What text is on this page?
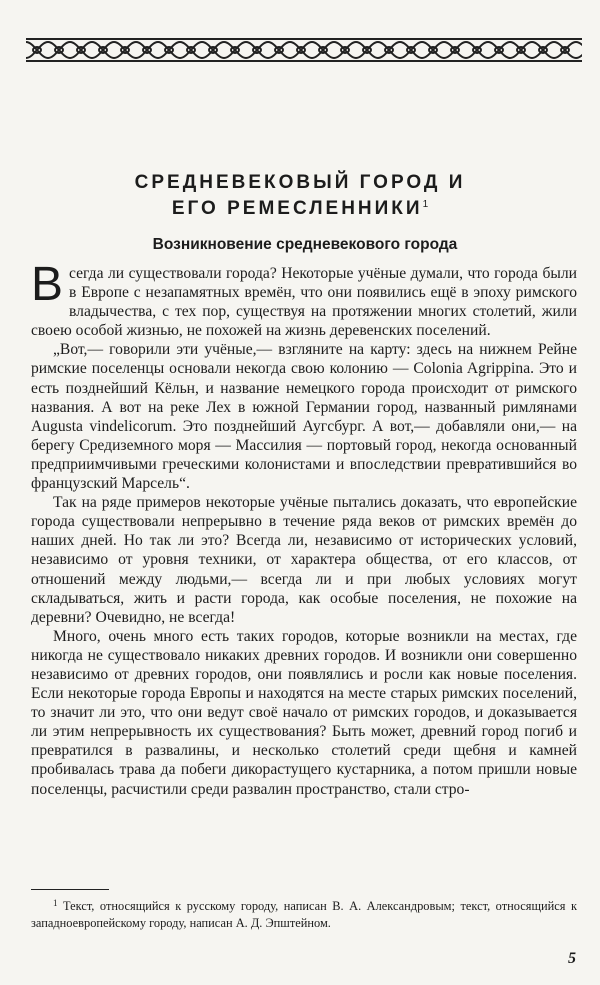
СРЕДНЕВЕКОВЫЙ ГОРОД И
ЕГО РЕМЕСЛЕННИКИ$^1$
Возникновение средневекового города

Всегда ли существовали города? Некоторые учёные думали, что города были в Европе с незапамятных времён, что они появились ещё в эпоху римского владычества, с тех пор, существуя на протяжении многих столетий, жили своею особой жизнью, не похожей на жизнь деревенских поселений.

„Вот,— говорили эти учёные,— взгляните на карту: здесь на нижнем Рейне римские поселенцы основали некогда свою колонию — Colonia Agrippina. Это и есть позднейший Кёльн, и название немецкого города происходит от римского названия. А вот на реке Лех в южной Германии город, названный римлянами Augusta vindelicorum. Это позднейший Аугсбург. А вот,— добавляли они,— на берегу Средиземного моря — Массилия — портовый город, некогда основанный предприимчивыми греческими колонистами и впоследствии превратившийся во французский Марсель“.

Так на ряде примеров некоторые учёные пытались доказать, что европейские города существовали непрерывно в течение ряда веков от римских времён до наших дней. Но так ли это? Всегда ли, независимо от исторических условий, независимо от уровня техники, от характера общества, от его классов, от отношений между людьми,— всегда ли и при любых условиях могут складываться, жить и расти города, как особые поселения, не похожие на деревни? Очевидно, не всегда!

Много, очень много есть таких городов, которые возникли на местах, где никогда не существовало никаких древних городов. И возникли они совершенно независимо от древних городов, они появлялись и росли как новые поселения. Если некоторые города Европы и находятся на месте старых римских поселений, то значит ли это, что они ведут своё начало от римских городов, и доказывается ли этим непрерывность их существования? Быть может, древний город погиб и превратился в развалины, и несколько столетий среди щебня и камней пробивалась трава да побеги дикорастущего кустарника, а потом пришли новые поселенцы, расчистили среди развалин пространство, стали стро-

$^1$ Текст, относящийся к русскому городу, написан В. А. Александровым; текст, относящийся к западноевропейскому городу, написан А. Д. Эпштейном.
5
